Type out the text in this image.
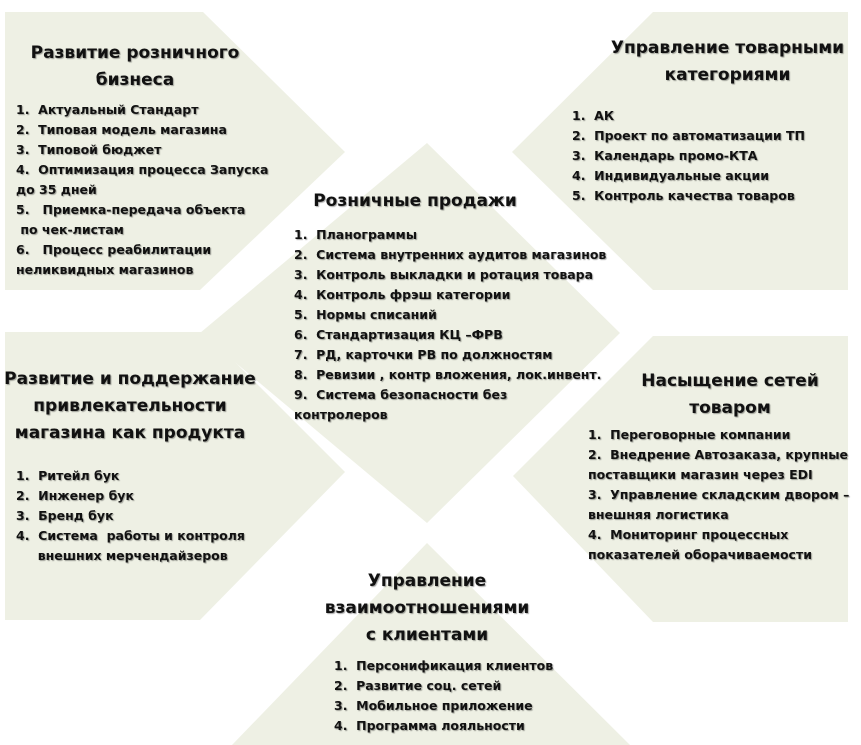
Развитие розничного
бизнеса
1.  Актуальный Стандарт
2.  Типовая модель магазина
3.  Типовой бюджет
4.  Оптимизация процесса Запуска
до 35 дней
5.   Приемка-передача объекта
по чек-листам
6.   Процесс реабилитации
неликвидных магазинов
Управление товарными
категориями
1.  АК
2.  Проект по автоматизации ТП
3.  Календарь промо-КТА
4.  Индивидуальные акции
5.  Контроль качества товаров
Розничные продажи
1.  Планограммы
2.  Система внутренних аудитов магазинов
3.  Контроль выкладки и ротация товара
4.  Контроль фрэш категории
5.  Нормы списаний
6.  Стандартизация КЦ –ФРВ
7.  РД, карточки РВ по должностям
8.  Ревизии , контр вложения, лок.инвент.
9.  Система безопасности без
контролеров
Развитие и поддержание
привлекательности
магазина как продукта
1.  Ритейл бук
2.  Инженер бук
3.  Бренд бук
4.  Система  работы и контроля
внешних мерчендайзеров
Насыщение сетей
товаром
1.  Переговорные компании
2.  Внедрение Автозаказа, крупные
поставщики магазин через EDI
3.  Управление складским двором –
внешняя логистика
4.  Мониторинг процессных
показателей оборачиваемости
Управление
взаимоотношениями
с клиентами
1.  Персонификация клиентов
2.  Развитие соц. сетей
3.  Мобильное приложение
4.  Программа лояльности
